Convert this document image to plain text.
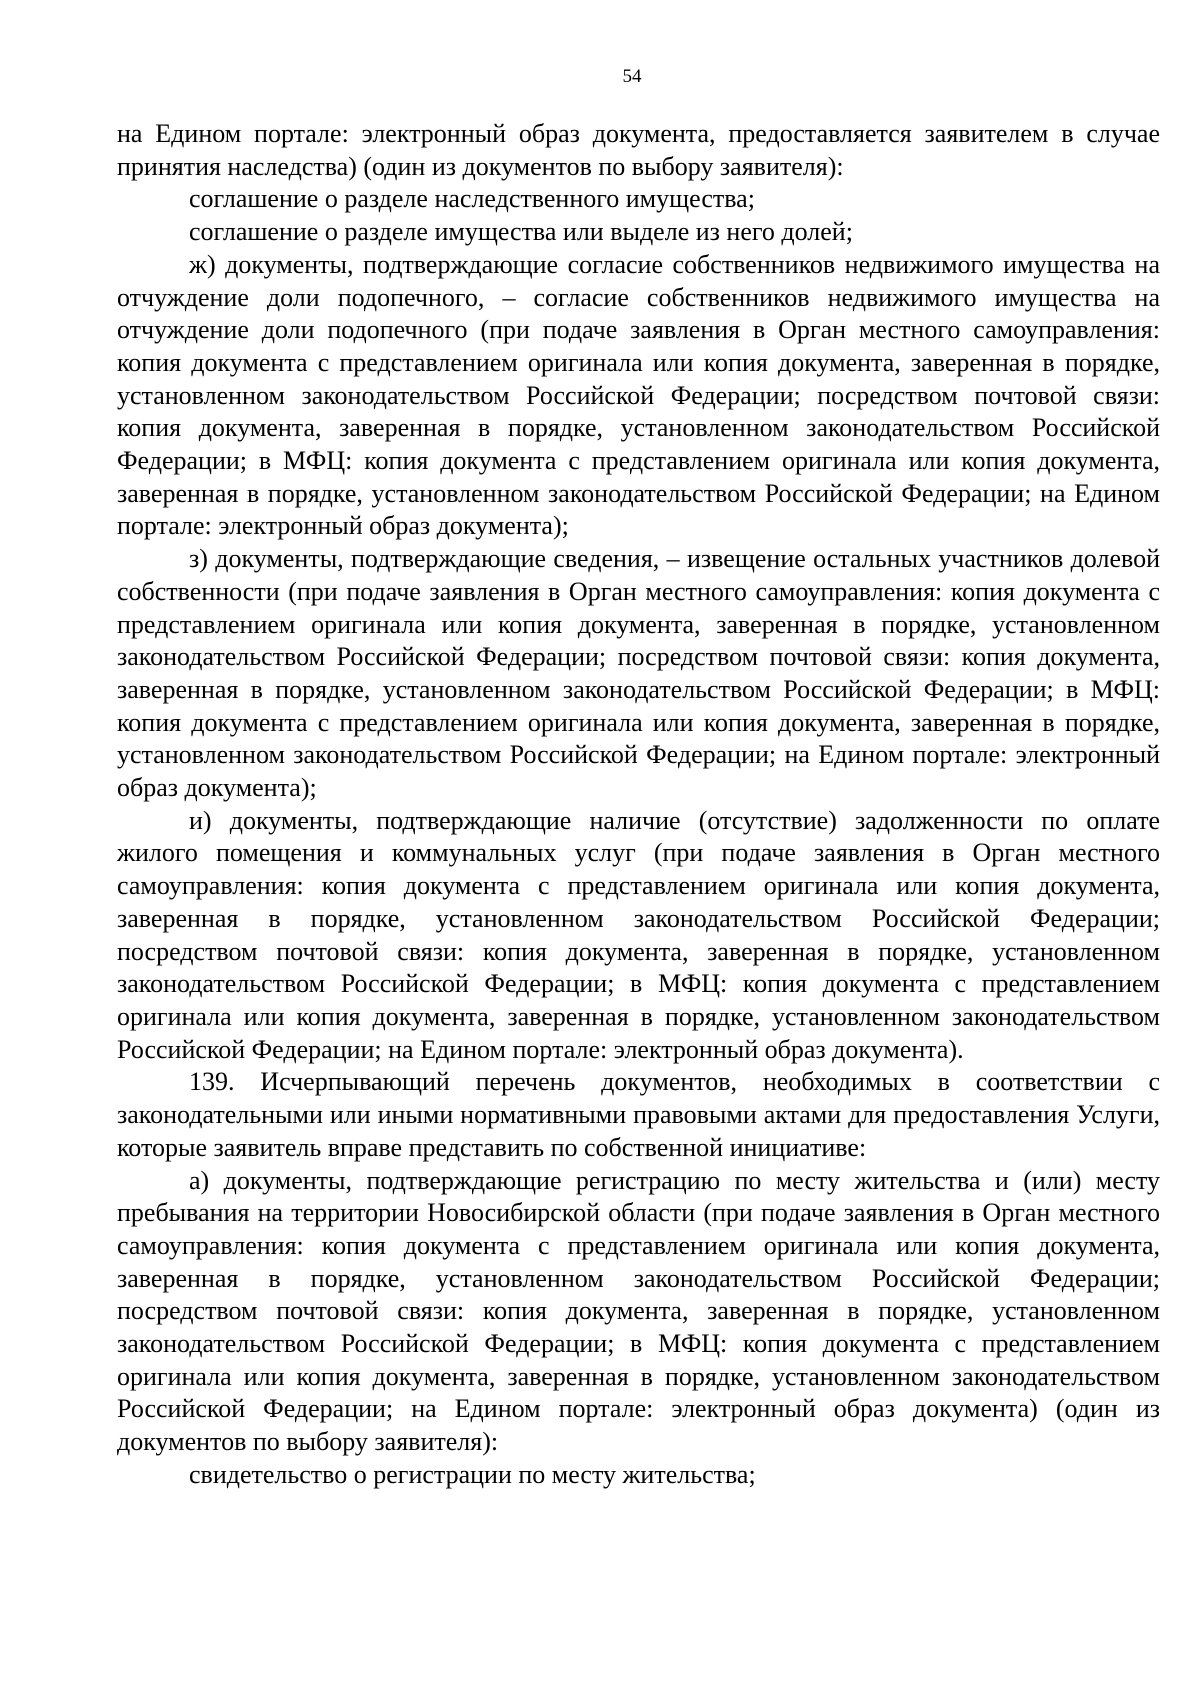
54

на Едином портале: электронный образ документа, предоставляется заявителем в случае принятия наследства) (один из документов по выбору заявителя):

соглашение о разделе наследственного имущества;

соглашение о разделе имущества или выделе из него долей;

ж) документы, подтверждающие согласие собственников недвижимого имущества на отчуждение доли подопечного, – согласие собственников недвижимого имущества на отчуждение доли подопечного (при подаче заявления в Орган местного самоуправления: копия документа с представлением оригинала или копия документа, заверенная в порядке, установленном законодательством Российской Федерации; посредством почтовой связи: копия документа, заверенная в порядке, установленном законодательством Российской Федерации; в МФЦ: копия документа с представлением оригинала или копия документа, заверенная в порядке, установленном законодательством Российской Федерации; на Едином портале: электронный образ документа);

з) документы, подтверждающие сведения, – извещение остальных участников долевой собственности (при подаче заявления в Орган местного самоуправления: копия документа с представлением оригинала или копия документа, заверенная в порядке, установленном законодательством Российской Федерации; посредством почтовой связи: копия документа, заверенная в порядке, установленном законодательством Российской Федерации; в МФЦ: копия документа с представлением оригинала или копия документа, заверенная в порядке, установленном законодательством Российской Федерации; на Едином портале: электронный образ документа);

и) документы, подтверждающие наличие (отсутствие) задолженности по оплате жилого помещения и коммунальных услуг (при подаче заявления в Орган местного самоуправления: копия документа с представлением оригинала или копия документа, заверенная в порядке, установленном законодательством Российской Федерации; посредством почтовой связи: копия документа, заверенная в порядке, установленном законодательством Российской Федерации; в МФЦ: копия документа с представлением оригинала или копия документа, заверенная в порядке, установленном законодательством Российской Федерации; на Едином портале: электронный образ документа).

139. Исчерпывающий перечень документов, необходимых в соответствии с законодательными или иными нормативными правовыми актами для предоставления Услуги, которые заявитель вправе представить по собственной инициативе:

а) документы, подтверждающие регистрацию по месту жительства и (или) месту пребывания на территории Новосибирской области (при подаче заявления в Орган местного самоуправления: копия документа с представлением оригинала или копия документа, заверенная в порядке, установленном законодательством Российской Федерации; посредством почтовой связи: копия документа, заверенная в порядке, установленном законодательством Российской Федерации; в МФЦ: копия документа с представлением оригинала или копия документа, заверенная в порядке, установленном законодательством Российской Федерации; на Едином портале: электронный образ документа) (один из документов по выбору заявителя):

свидетельство о регистрации по месту жительства;
